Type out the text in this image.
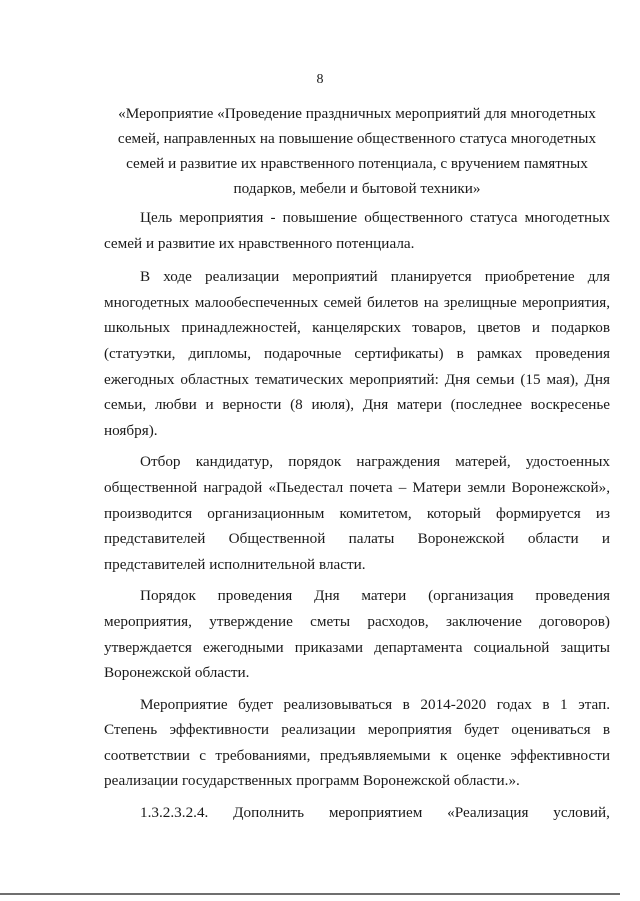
8

«Мероприятие «Проведение праздничных мероприятий для многодетных семей, направленных на повышение общественного статуса многодетных семей и развитие их нравственного потенциала, с вручением памятных подарков, мебели и бытовой техники»

Цель мероприятия - повышение общественного статуса многодетных семей и развитие их нравственного потенциала.

В ходе реализации мероприятий планируется приобретение для многодетных малообеспеченных семей билетов на зрелищные мероприятия, школьных принадлежностей, канцелярских товаров, цветов и подарков (статуэтки, дипломы, подарочные сертификаты) в рамках проведения ежегодных областных тематических мероприятий: Дня семьи (15 мая), Дня семьи, любви и верности (8 июля), Дня матери (последнее воскресенье ноября).

Отбор кандидатур, порядок награждения матерей, удостоенных общественной наградой «Пьедестал почета – Матери земли Воронежской», производится организационным комитетом, который формируется из представителей Общественной палаты Воронежской области и представителей исполнительной власти.

Порядок проведения Дня матери (организация проведения мероприятия, утверждение сметы расходов, заключение договоров) утверждается ежегодными приказами департамента социальной защиты Воронежской области.

Мероприятие будет реализовываться в 2014-2020 годах в 1 этап. Степень эффективности реализации мероприятия будет оцениваться в соответствии с требованиями, предъявляемыми к оценке эффективности реализации государственных программ Воронежской области.».

1.3.2.3.2.4. Дополнить мероприятием «Реализация условий,
